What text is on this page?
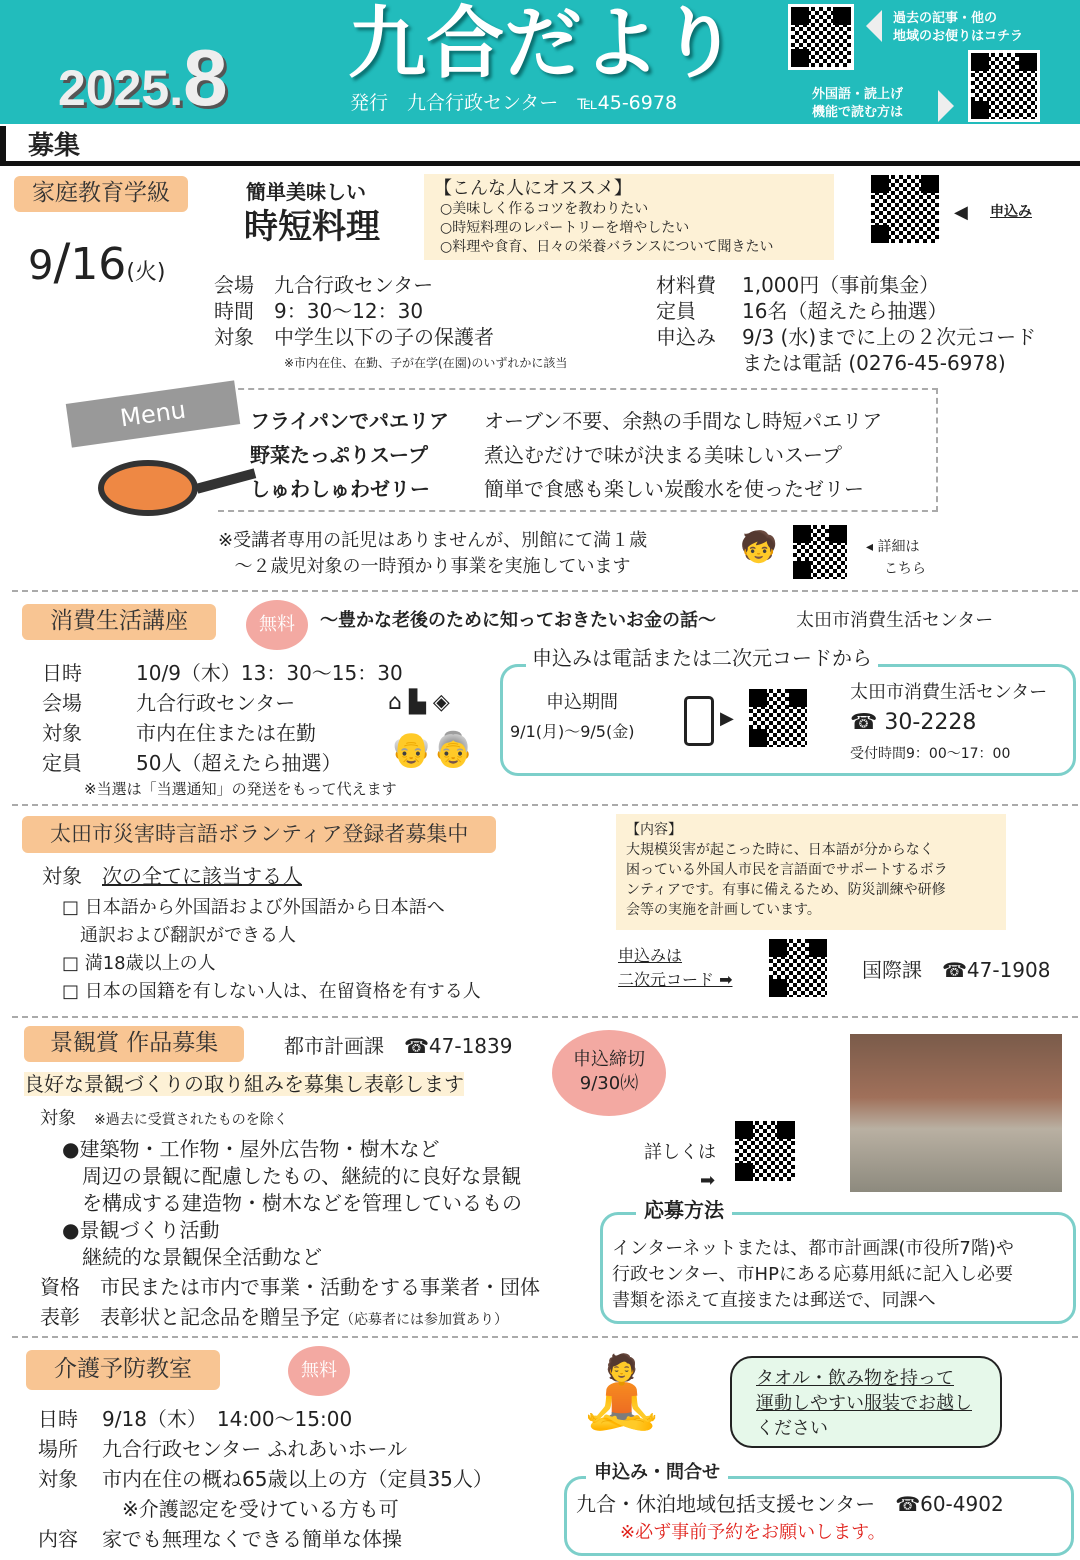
2025.8 九合だより
発行　九合行政センター　℡45-6978
過去の記事・他の
地域のお便りはコチラ
外国語・読上げ
機能で読む方は
募集
家庭教育学級	簡単美味しい
時短料理
【こんな人にオススメ】
○美味しく作るコツを教わりたい
○時短料理のレパートリーを増やしたい
○料理や食育、日々の栄養バランスについて聞きたい
◀ 申込み
9/16(火) 会場　 九合行政センター
時間　 9：30～12：30
対象　 中学生以下の子の保護者
※市内在住、在勤、子が在学(在園)のいずれかに該当
材料費 1,000円（事前集金）
定員 16名（超えたら抽選）
申込み 9/3 (水)までに上の２次元コード
または電話 (0276-45-6978)
Menu	フライパンでパエリア オーブン不要、余熱の手間なし時短パエリア
野菜たっぷりスープ	煮込むだけで味が決まる美味しいスープ
しゅわしゅわゼリー	簡単で食感も楽しい炭酸水を使ったゼリー
※受講者専用の託児はありませんが、別館にて満１歳
～２歳児対象の一時預かり事業を実施しています
🧒	◂ 詳細は
こちら
消費生活講座	無料	～豊かな老後のために知っておきたいお金の話～	太田市消費生活センター
日時	10/9（木）13：30～15：30
会場	九合行政センター
対象	市内在住または在勤
定員	50人（超えたら抽選）
※当選は「当選通知」の発送をもって代えます
⌂ ▙ ◈
👴👵
申込みは電話または二次元コードから
申込期間
9/1(月)～9/5(金)
▶
太田市消費生活センター
☎ 30-2228
受付時間9：00～17：00
太田市災害時言語ボランティア登録者募集中
対象　 次の全てに該当する人
□ 日本語から外国語および外国語から日本語へ
　通訳および翻訳ができる人
□ 満18歳以上の人
□ 日本の国籍を有しない人は、在留資格を有する人
【内容】
大規模災害が起こった時に、日本語が分からなく
困っている外国人市民を言語面でサポートするボラ
ンティアです。有事に備えるため、防災訓練や研修
会等の実施を計画しています。
申込みは
二次元コード ➡	国際課　☎47-1908
景観賞 作品募集	都市計画課　☎47-1839
申込締切
9/30㈫
良好な景観づくりの取り組みを募集し表彰します
対象　 ※過去に受賞されたものを除く
●建築物・工作物・屋外広告物・樹木など
　周辺の景観に配慮したもの、継続的に良好な景観
　を構成する建造物・樹木などを管理しているもの
●景観づくり活動
　継続的な景観保全活動など
資格　 市民または市内で事業・活動をする事業者・団体
表彰　 表彰状と記念品を贈呈予定（応募者には参加賞あり）
詳しくは
➡
応募方法
インターネットまたは、都市計画課(市役所7階)や
行政センター、市HPにある応募用紙に記入し必要
書類を添えて直接または郵送で、同課へ
介護予防教室	無料
日時 9/18（木）　14:00～15:00
場所 九合行政センター ふれあいホール
対象 市内在住の概ね65歳以上の方（定員35人）
　※介護認定を受けている方も可
内容 家でも無理なくできる簡単な体操
🧘	タオル・飲み物を持って
運動しやすい服装でお越し
ください
申込み・問合せ
九合・休泊地域包括支援センター　☎60-4902
※必ず事前予約をお願いします。
